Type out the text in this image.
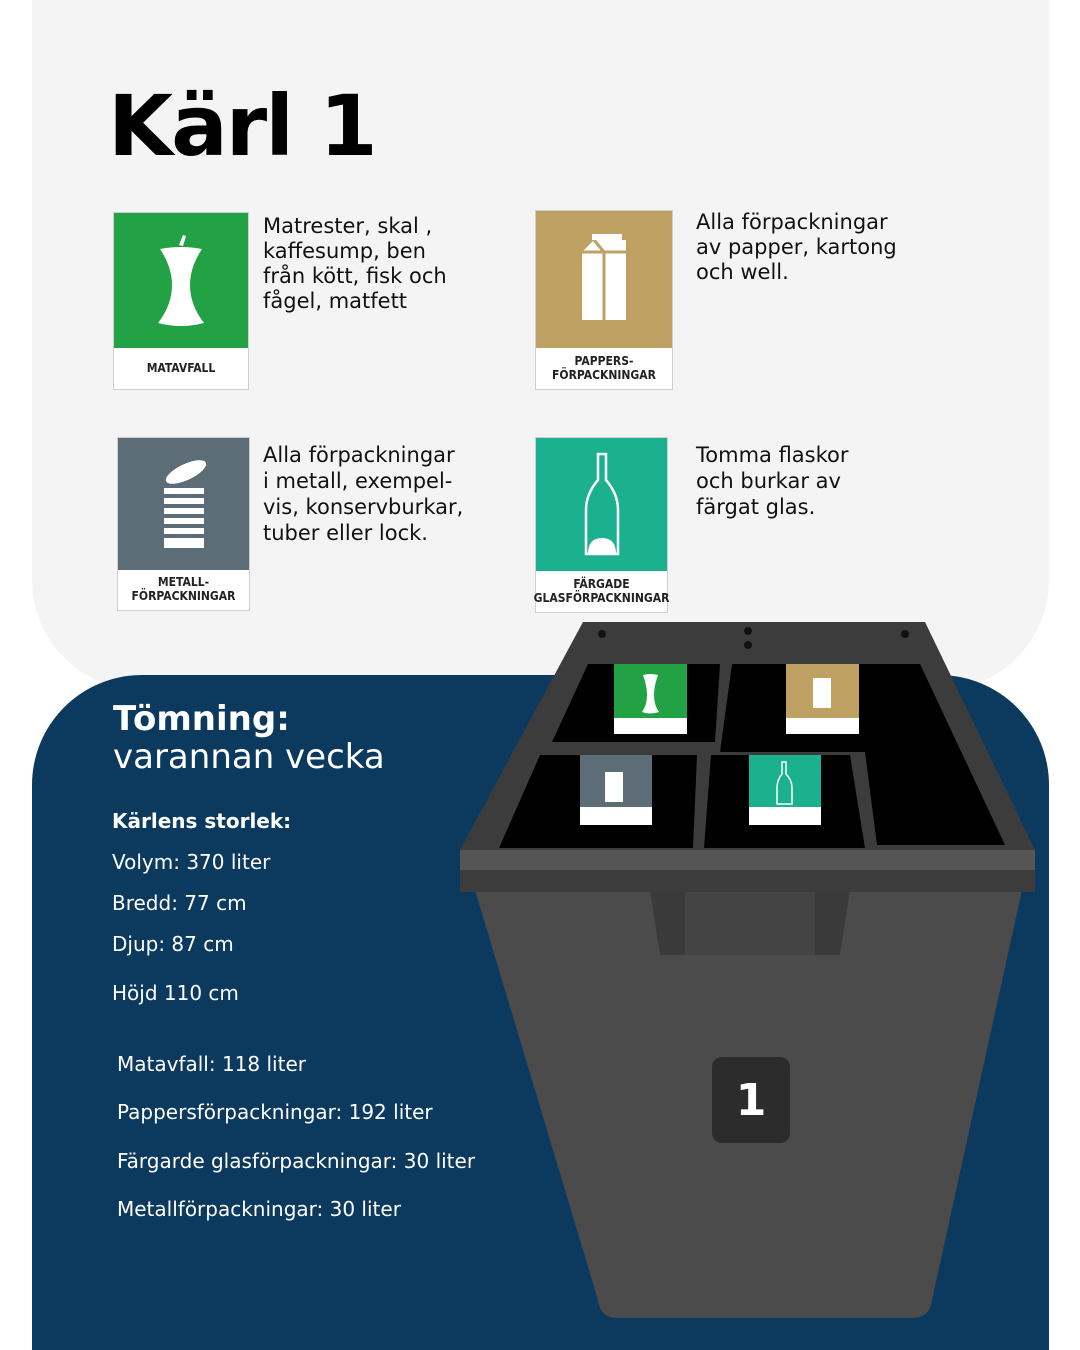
Kärl 1
MATAVFALL

Matrester, skal ,
kaffesump, ben
från kött, fisk och
fågel, matfett

PAPPERS-
FÖRPACKNINGAR

Alla förpackningar
av papper, kartong
och well.

METALL-
FÖRPACKNINGAR

Alla förpackningar
i metall, exempel-
vis, konservburkar,
tuber eller lock.

FÄRGADE
GLASFÖRPACKNINGAR

Tomma flaskor
och burkar av
färgat glas.

Tömning:

varannan vecka

Kärlens storlek:

Volym: 370 liter

Bredd: 77 cm

Djup: 87 cm

Höjd 110 cm

Matavfall: 118 liter

Pappersförpackningar: 192 liter

Färgarde glasförpackningar: 30 liter

Metallförpackningar: 30 liter

1
